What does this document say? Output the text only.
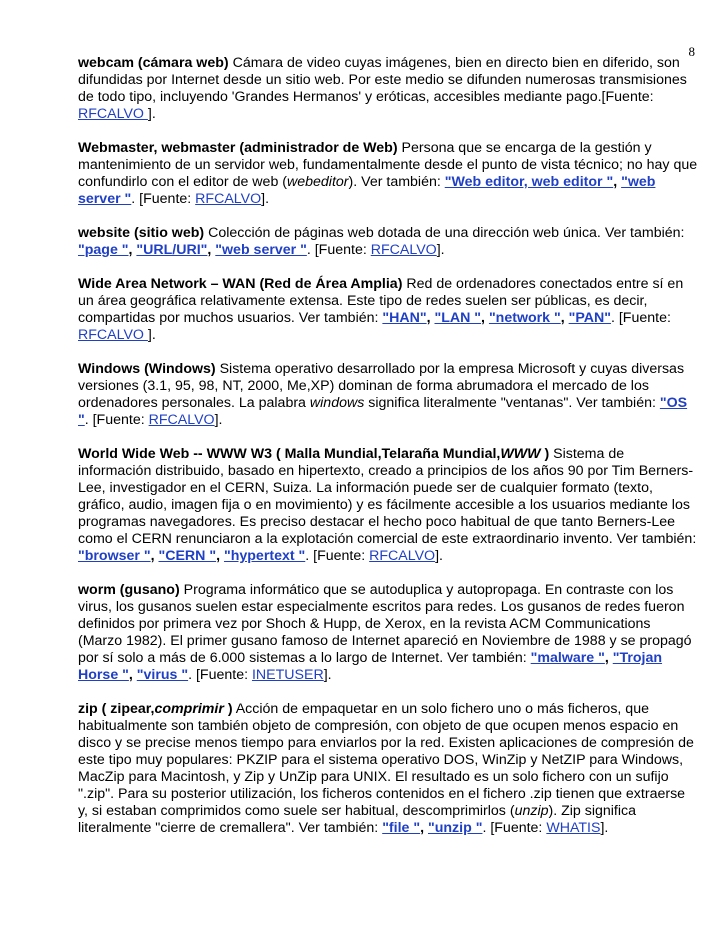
8

webcam (cámara web) Cámara de video cuyas imágenes, bien en directo bien en diferido, son difundidas por Internet desde un sitio web. Por este medio se difunden numerosas transmisiones de todo tipo, incluyendo 'Grandes Hermanos' y eróticas, accesibles mediante pago.[Fuente: RFCALVO ].

Webmaster, webmaster (administrador de Web) Persona que se encarga de la gestión y mantenimiento de un servidor web, fundamentalmente desde el punto de vista técnico; no hay que confundirlo con el editor de web (webeditor). Ver también: "Web editor, web editor ", "web server ". [Fuente: RFCALVO].

website (sitio web) Colección de páginas web dotada de una dirección web única. Ver también: "page ", "URL/URI", "web server ". [Fuente: RFCALVO].

Wide Area Network – WAN (Red de Área Amplia) Red de ordenadores conectados entre sí en un área geográfica relativamente extensa. Este tipo de redes suelen ser públicas, es decir, compartidas por muchos usuarios. Ver también: "HAN", "LAN ", "network ", "PAN". [Fuente: RFCALVO ].

Windows (Windows) Sistema operativo desarrollado por la empresa Microsoft y cuyas diversas versiones (3.1, 95, 98, NT, 2000, Me,XP) dominan de forma abrumadora el mercado de los ordenadores personales. La palabra windows significa literalmente "ventanas". Ver también: "OS ". [Fuente: RFCALVO].

World Wide Web -- WWW W3 ( Malla Mundial,Telaraña Mundial,WWW ) Sistema de información distribuido, basado en hipertexto, creado a principios de los años 90 por Tim Berners-Lee, investigador en el CERN, Suiza. La información puede ser de cualquier formato (texto, gráfico, audio, imagen fija o en movimiento) y es fácilmente accesible a los usuarios mediante los programas navegadores. Es preciso destacar el hecho poco habitual de que tanto Berners-Lee como el CERN renunciaron a la explotación comercial de este extraordinario invento. Ver también: "browser ", "CERN ", "hypertext ". [Fuente: RFCALVO].

worm (gusano) Programa informático que se autoduplica y autopropaga. En contraste con los virus, los gusanos suelen estar especialmente escritos para redes. Los gusanos de redes fueron definidos por primera vez por Shoch & Hupp, de Xerox, en la revista ACM Communications (Marzo 1982). El primer gusano famoso de Internet apareció en Noviembre de 1988 y se propagó por sí solo a más de 6.000 sistemas a lo largo de Internet. Ver también: "malware ", "Trojan Horse ", "virus ". [Fuente: INETUSER].

zip ( zipear,comprimir ) Acción de empaquetar en un solo fichero uno o más ficheros, que habitualmente son también objeto de compresión, con objeto de que ocupen menos espacio en disco y se precise menos tiempo para enviarlos por la red. Existen aplicaciones de compresión de este tipo muy populares: PKZIP para el sistema operativo DOS, WinZip y NetZIP para Windows, MacZip para Macintosh, y Zip y UnZip para UNIX. El resultado es un solo fichero con un sufijo ".zip". Para su posterior utilización, los ficheros contenidos en el fichero .zip tienen que extraerse y, si estaban comprimidos como suele ser habitual, descomprimirlos (unzip). Zip significa literalmente "cierre de cremallera". Ver también: "file ", "unzip ". [Fuente: WHATIS].
